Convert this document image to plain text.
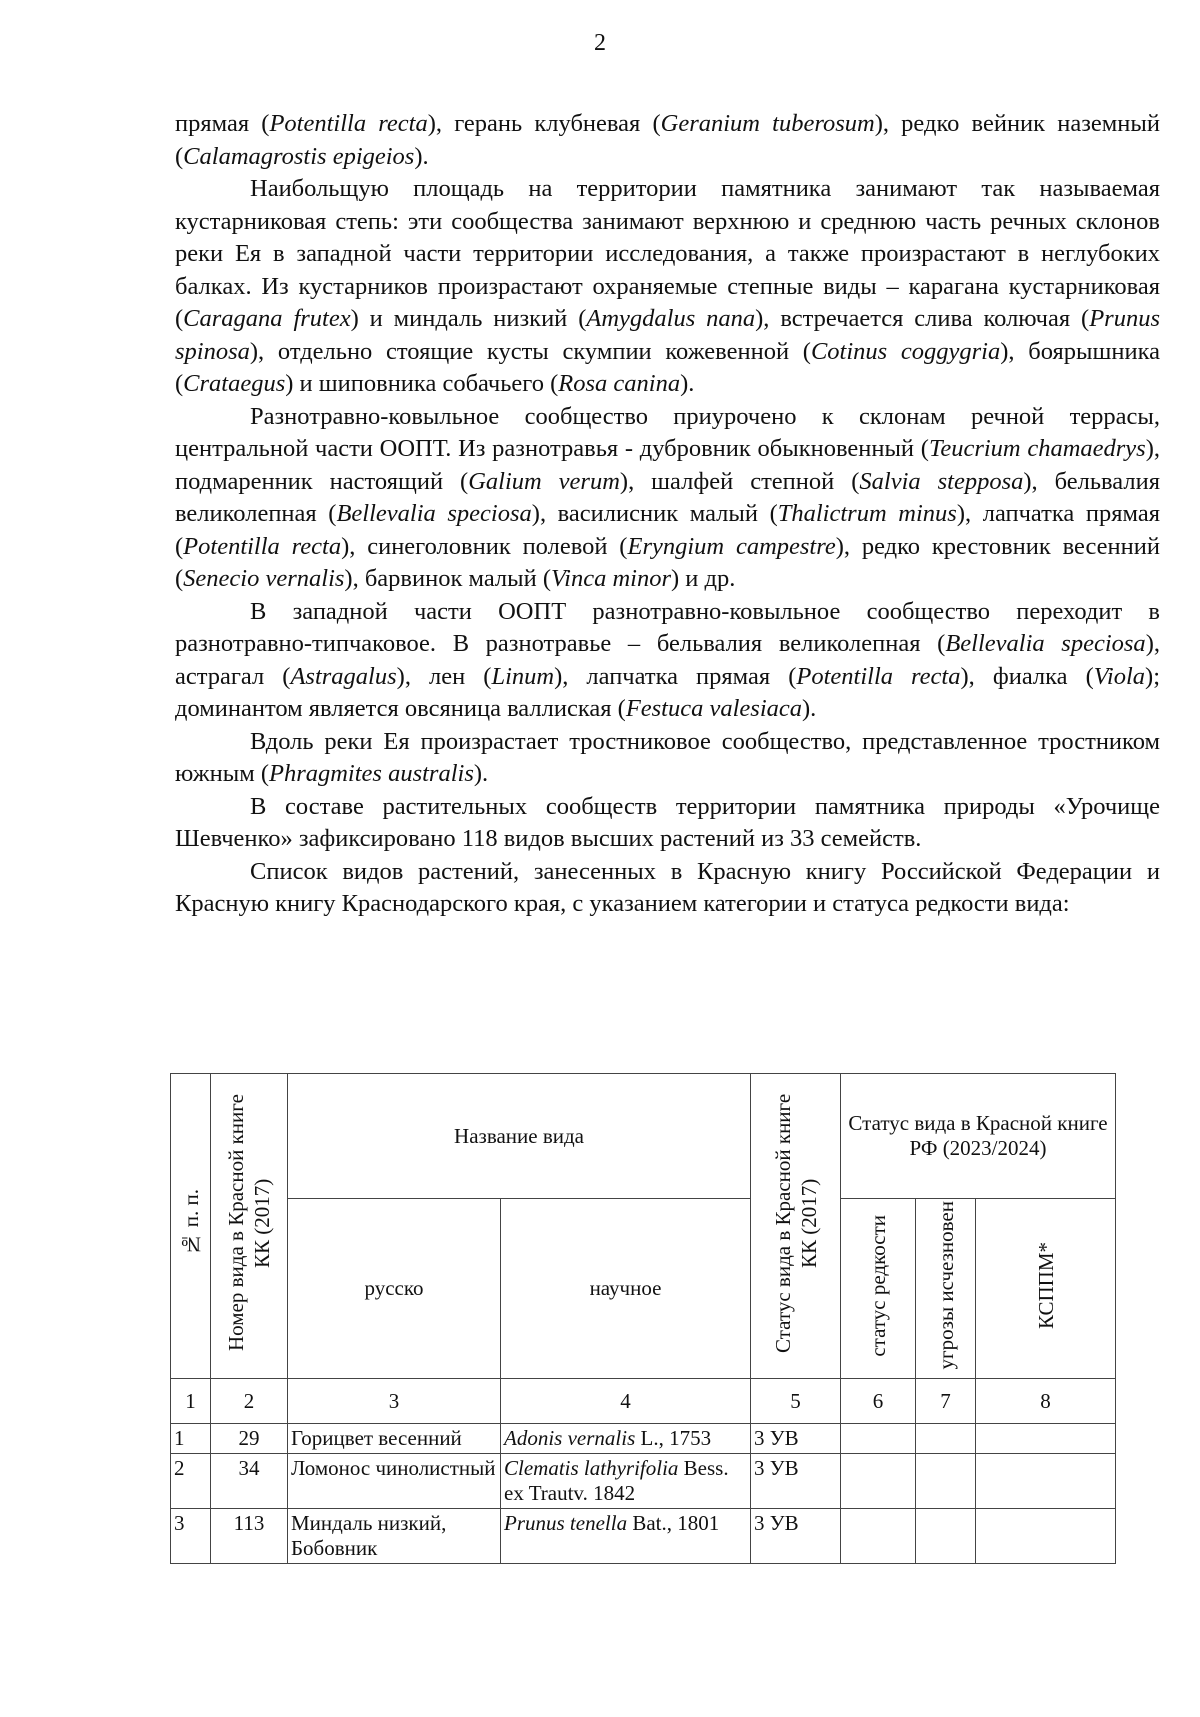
2

прямая (Potentilla recta), герань клубневая (Geranium tuberosum), редко вейник наземный (Calamagrostis epigeios).

Наибольщую площадь на территории памятника занимают так называемая кустарниковая степь: эти сообщества занимают верхнюю и среднюю часть речных склонов реки Ея в западной части территории исследования, а также произрастают в неглубоких балках. Из кустарников произрастают охраняемые степные виды – карагана кустарниковая (Caragana frutex) и миндаль низкий (Amygdalus nana), встречается слива колючая (Prunus spinosa), отдельно стоящие кусты скумпии кожевенной (Cotinus coggygria), боярышника (Crataegus) и шиповника собачьего (Rosa canina).

Разнотравно-ковыльное сообщество приурочено к склонам речной террасы, центральной части ООПТ. Из разнотравья - дубровник обыкновенный (Teucrium chamaedrys), подмаренник настоящий (Galium verum), шалфей степной (Salvia stepposa), бельвалия великолепная (Bellevalia speciosa), василисник малый (Thalictrum minus), лапчатка прямая (Potentilla recta), синеголовник полевой (Eryngium campestre), редко крестовник весенний (Senecio vernalis), барвинок малый (Vinca minor) и др.

В западной части ООПТ разнотравно-ковыльное сообщество переходит в разнотравно-типчаковое. В разнотравье – бельвалия великолепная (Bellevalia speciosa), астрагал (Astragalus), лен (Linum), лапчатка прямая (Potentilla recta), фиалка (Viola); доминантом является овсяница валлиская (Festuca valesiaca).

Вдоль реки Ея произрастает тростниковое сообщество, представленное тростником южным (Phragmites australis).

В составе растительных сообществ территории памятника природы «Урочище Шевченко» зафиксировано 118 видов высших растений из 33 семейств.

Список видов растений, занесенных в Красную книгу Российской Федерации и Красную книгу Краснодарского края, с указанием категории и статуса редкости вида:

№ п. п.	Номер вида в Красной книге КК (2017)	Название вида		Статус вида в Красной книге КК (2017)	Статус вида в Красной книге РФ (2023/2024)		
		русско	научное		статус редкости	угрозы исчезновен	КСППМ*
1	2	3	4	5	6	7	8
1	29	Горицвет весенний	Adonis vernalis L., 1753	3 УВ			
2	34	Ломонос чинолистный	Clematis lathyrifolia Bess. ex Trautv. 1842	3 УВ			
3	113	Миндаль низкий, Бобовник	Prunus tenella Bat., 1801	3 УВ			
